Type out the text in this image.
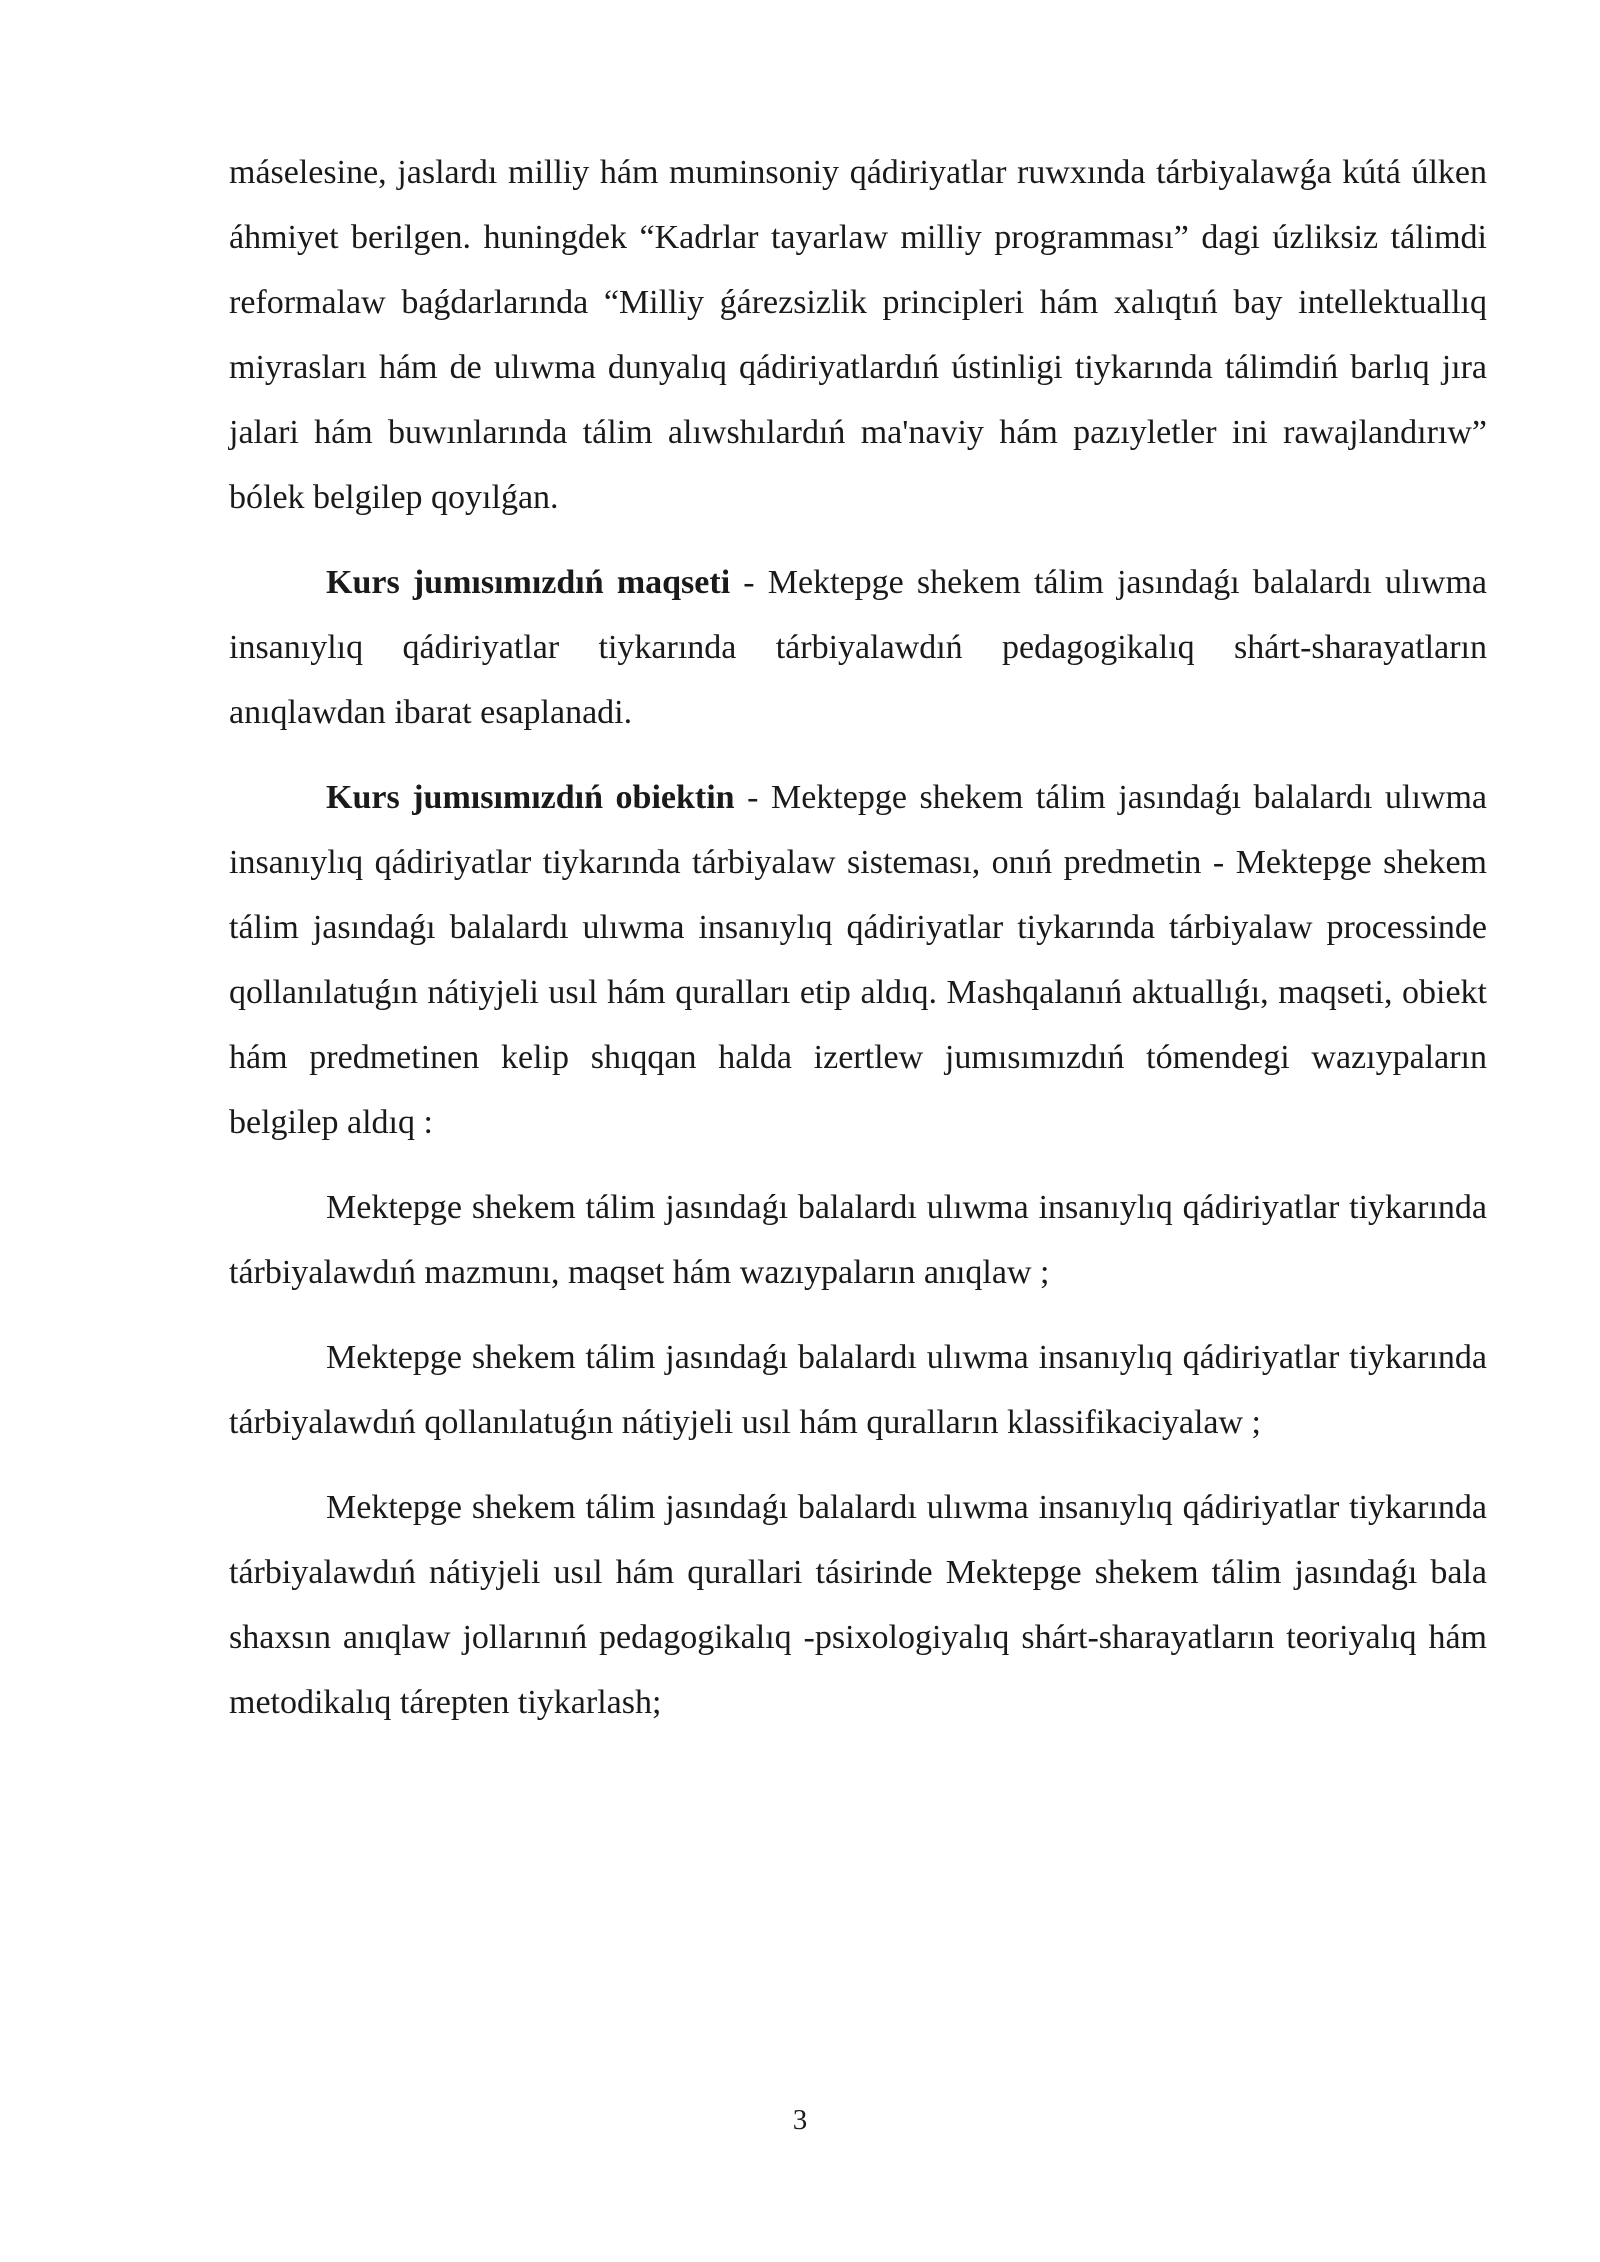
máselesine, jaslardı milliy hám muminsoniy qádiriyatlar ruwxında tárbiyalawǵa kútá úlken áhmiyet berilgen. huningdek “Kadrlar tayarlaw milliy programması” dagi úzliksiz tálimdi reformalaw baǵdarlarında “Milliy ǵárezsizlik principleri hám xalıqtıń bay intellektuallıq miyrasları hám de ulıwma dunyalıq qádiriyatlardıń ústinligi tiykarında tálimdiń barlıq jıra jalari hám buwınlarında tálim alıwshılardıń ma'naviy hám pazıyletler ini rawajlandırıw” bólek belgilep qoyılǵan.

Kurs jumısımızdıń maqseti - Mektepge shekem tálim jasındaǵı balalardı ulıwma insanıylıq qádiriyatlar tiykarında tárbiyalawdıń pedagogikalıq shárt-sharayatların anıqlawdan ibarat esaplanadi.

Kurs jumısımızdıń obiektin - Mektepge shekem tálim jasındaǵı balalardı ulıwma insanıylıq qádiriyatlar tiykarında tárbiyalaw sisteması, onıń predmetin - Mektepge shekem tálim jasındaǵı balalardı ulıwma insanıylıq qádiriyatlar tiykarında tárbiyalaw processinde qollanılatuǵın nátiyjeli usıl hám quralları etip aldıq. Mashqalanıń aktuallıǵı, maqseti, obiekt hám predmetinen kelip shıqqan halda izertlew jumısımızdıń tómendegi wazıypaların belgilep aldıq :

Mektepge shekem tálim jasındaǵı balalardı ulıwma insanıylıq qádiriyatlar tiykarında tárbiyalawdıń mazmunı, maqset hám wazıypaların anıqlaw ;

Mektepge shekem tálim jasındaǵı balalardı ulıwma insanıylıq qádiriyatlar tiykarında tárbiyalawdıń qollanılatuǵın nátiyjeli usıl hám quralların klassifikaciyalaw ;

Mektepge shekem tálim jasındaǵı balalardı ulıwma insanıylıq qádiriyatlar tiykarında tárbiyalawdıń nátiyjeli usıl hám qurallari tásirinde Mektepge shekem tálim jasındaǵı bala shaxsın anıqlaw jollarınıń pedagogikalıq -psixologiyalıq shárt-sharayatların teoriyalıq hám metodikalıq tárepten tiykarlash;

3
